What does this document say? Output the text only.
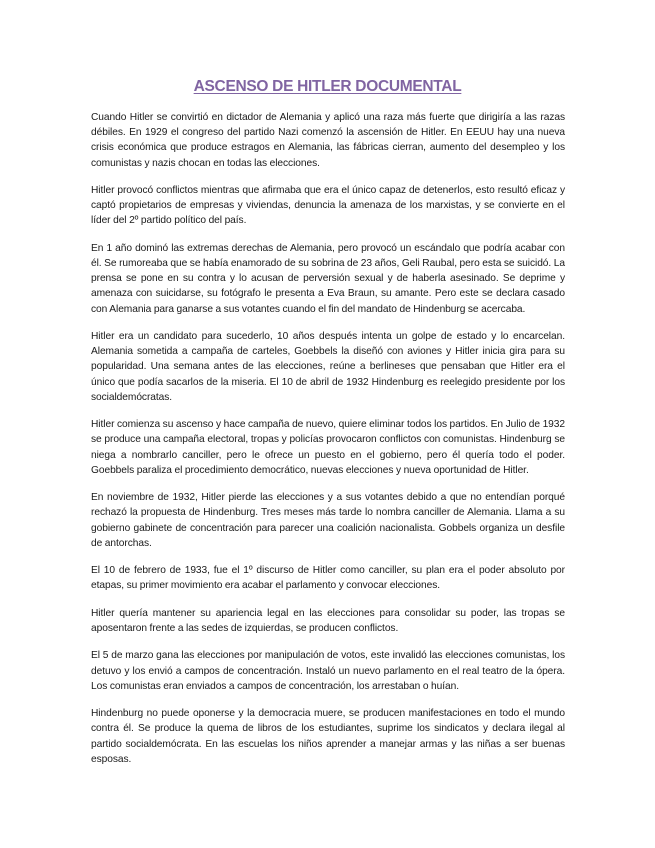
ASCENSO DE HITLER DOCUMENTAL

Cuando Hitler se convirtió en dictador de Alemania y aplicó una raza más fuerte que dirigiría a las razas débiles. En 1929 el congreso del partido Nazi comenzó la ascensión de Hitler. En EEUU hay una nueva crisis económica que produce estragos en Alemania, las fábricas cierran, aumento del desempleo y los comunistas y nazis chocan en todas las elecciones.

Hitler provocó conflictos mientras que afirmaba que era el único capaz de detenerlos, esto resultó eficaz y captó propietarios de empresas y viviendas, denuncia la amenaza de los marxistas, y se convierte en el líder del 2º partido político del país.

En 1 año dominó las extremas derechas de Alemania, pero provocó un escándalo que podría acabar con él. Se rumoreaba que se había enamorado de su sobrina de 23 años, Geli Raubal, pero esta se suicidó. La prensa se pone en su contra y lo acusan de perversión sexual y de haberla asesinado. Se deprime y amenaza con suicidarse, su fotógrafo le presenta a Eva Braun, su amante. Pero este se declara casado con Alemania para ganarse a sus votantes cuando el fin del mandato de Hindenburg se acercaba.

Hitler era un candidato para sucederlo, 10 años después intenta un golpe de estado y lo encarcelan. Alemania sometida a campaña de carteles, Goebbels la diseñó con aviones y Hitler inicia gira para su popularidad. Una semana antes de las elecciones, reúne a berlineses que pensaban que Hitler era el único que podía sacarlos de la miseria. El 10 de abril de 1932 Hindenburg es reelegido presidente por los socialdemócratas.

Hitler comienza su ascenso y hace campaña de nuevo, quiere eliminar todos los partidos. En Julio de 1932 se produce una campaña electoral, tropas y policías provocaron conflictos con comunistas. Hindenburg se niega a nombrarlo canciller, pero le ofrece un puesto en el gobierno, pero él quería todo el poder. Goebbels paraliza el procedimiento democrático, nuevas elecciones y nueva oportunidad de Hitler.

En noviembre de 1932, Hitler pierde las elecciones y a sus votantes debido a que no entendían porqué rechazó la propuesta de Hindenburg. Tres meses más tarde lo nombra canciller de Alemania. Llama a su gobierno gabinete de concentración para parecer una coalición nacionalista. Gobbels organiza un desfile de antorchas.

El 10 de febrero de 1933, fue el 1º discurso de Hitler como canciller, su plan era el poder absoluto por etapas, su primer movimiento era acabar el parlamento y convocar elecciones.

Hitler quería mantener su apariencia legal en las elecciones para consolidar su poder, las tropas se aposentaron frente a las sedes de izquierdas, se producen conflictos.

El 5 de marzo gana las elecciones por manipulación de votos, este invalidó las elecciones comunistas, los detuvo y los envió a campos de concentración. Instaló un nuevo parlamento en el real teatro de la ópera. Los comunistas eran enviados a campos de concentración, los arrestaban o huían.

Hindenburg no puede oponerse y la democracia muere, se producen manifestaciones en todo el mundo contra él. Se produce la quema de libros de los estudiantes, suprime los sindicatos y declara ilegal al partido socialdemócrata. En las escuelas los niños aprender a manejar armas y las niñas a ser buenas esposas.
